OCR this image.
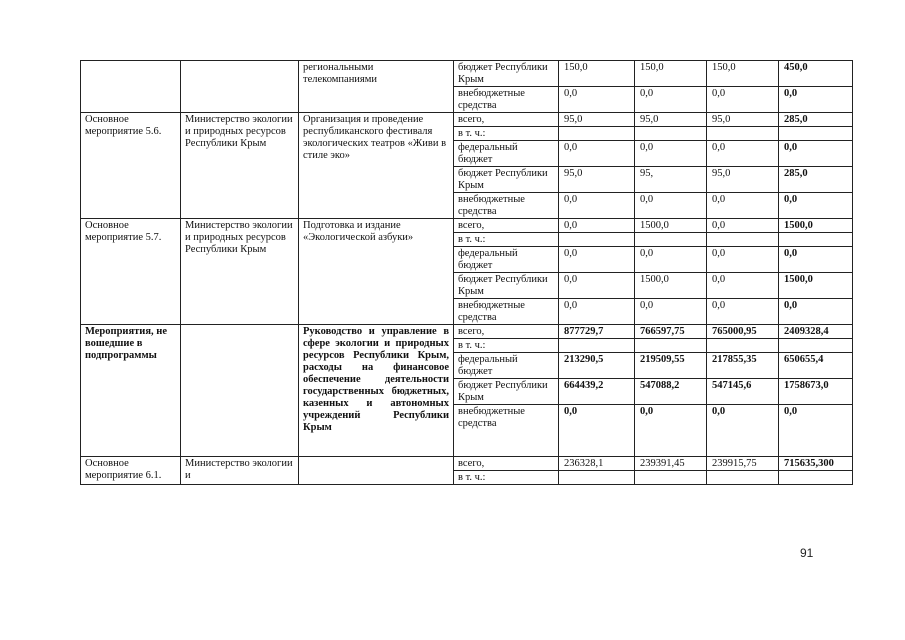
		региональными телекомпаниями	бюджет Республики Крым	150,0	150,0	150,0	450,0
			внебюджетные средства	0,0	0,0	0,0	0,0
Основное мероприятие 5.6.	Министерство экологии и природных ресурсов Республики Крым	Организация и проведение республиканского фестиваля экологических театров «Живи в стиле эко»	всего,	95,0	95,0	95,0	285,0
			в т. ч.:				
			федеральный бюджет	0,0	0,0	0,0	0,0
			бюджет Республики Крым	95,0	95,	95,0	285,0
			внебюджетные средства	0,0	0,0	0,0	0,0
Основное мероприятие 5.7.	Министерство экологии и природных ресурсов Республики Крым	Подготовка и издание «Экологической азбуки»	всего,	0,0	1500,0	0,0	1500,0
			в т. ч.:				
			федеральный бюджет	0,0	0,0	0,0	0,0
			бюджет Республики Крым	0,0	1500,0	0,0	1500,0
			внебюджетные средства	0,0	0,0	0,0	0,0
Мероприятия, не вошедшие в подпрограммы		Руководство и управление в сфере экологии и природных ресурсов Республики Крым, расходы на финансовое обеспечение деятельности государственных бюджетных, казенных и автономных учреждений Республики Крым	всего,	877729,7	766597,75	765000,95	2409328,4
			в т. ч.:				
			федеральный бюджет	213290,5	219509,55	217855,35	650655,4
			бюджет Республики Крым	664439,2	547088,2	547145,6	1758673,0
			внебюджетные средства	0,0	0,0	0,0	0,0
Основное мероприятие 6.1.	Министерство экологии и		всего,	236328,1	239391,45	239915,75	715635,300
			в т. ч.:				
91
